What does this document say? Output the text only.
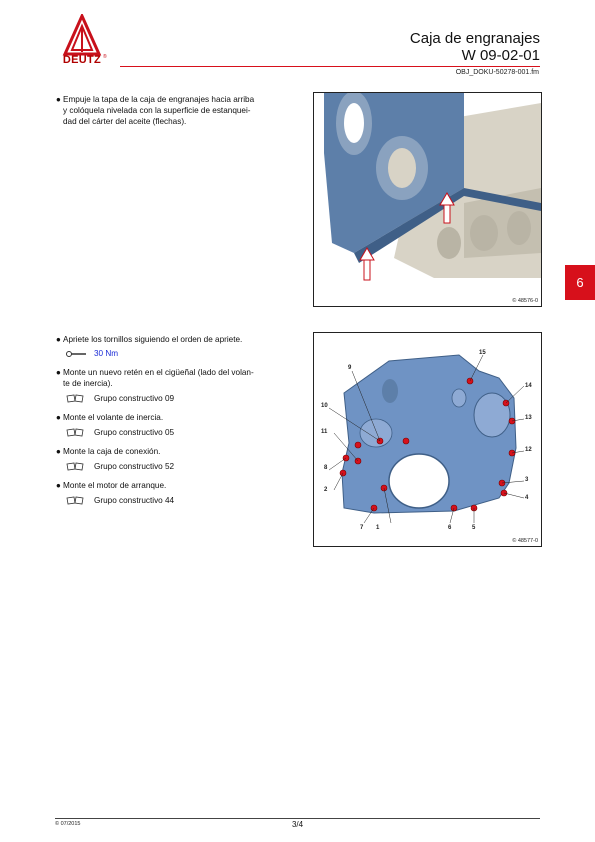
®
DEUTZ
Caja de engranajes
W 09-02-01
OBJ_DOKU-50278-001.fm
6
● Empuje la tapa de la caja de engranajes hacia arriba
y colóquela nivelada con la superficie de estanquei-
dad del cárter del aceite (flechas).
© 48576-0
● Apriete los tornillos siguiendo el orden de apriete.
30 Nm
● Monte un nuevo retén en el cigüeñal (lado del volan-
te de inercia).
Grupo constructivo 09
● Monte el volante de inercia.
Grupo constructivo 05
● Monte la caja de conexión.
Grupo constructivo 52
● Monte el motor de arranque.
Grupo constructivo 44
1
2
3
4
5
6
7
8
9
10
11
12
13
14
15
© 48577-0
© 07/2015	3/4
